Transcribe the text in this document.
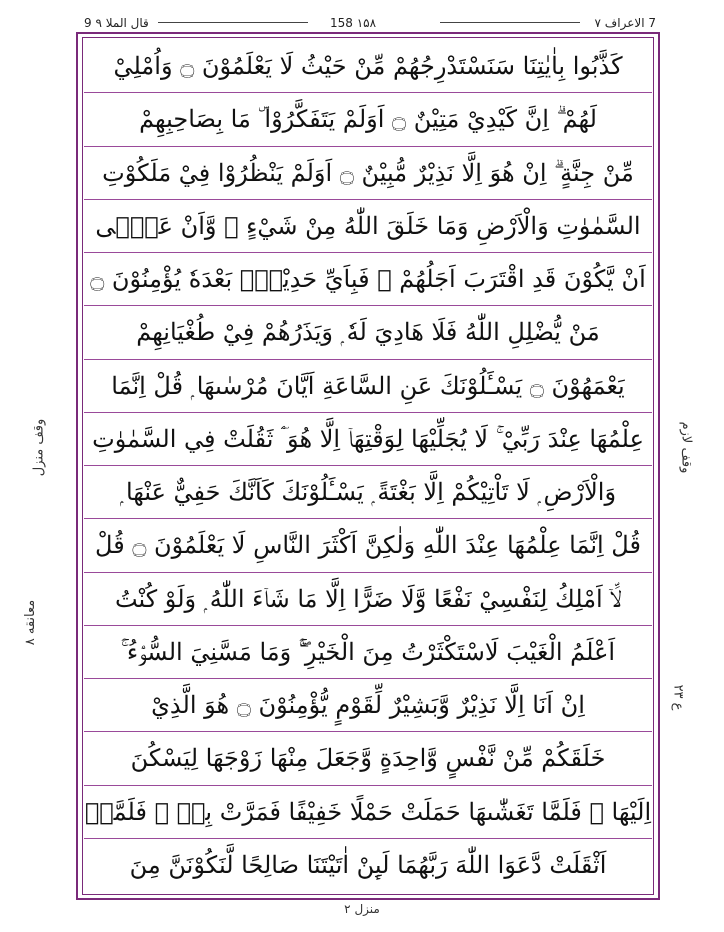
9 قال الملا ۹	158 ۱۵۸	7 الاعراف ۷
كَذَّبُوا بِاٰيٰتِنَا سَنَسْتَدْرِجُهُمْ مِّنْ حَيْثُ لَا يَعْلَمُوْنَ ۝ وَاُمْلِيْ
لَهُمْ ۗ اِنَّ كَيْدِيْ مَتِيْنٌ ۝ اَوَلَمْ يَتَفَكَّرُوْا ۜ مَا بِصَاحِبِهِمْ
مِّنْ جِنَّةٍ ۗ اِنْ هُوَ اِلَّا نَذِيْرٌ مُّبِيْنٌ ۝ اَوَلَمْ يَنْظُرُوْا فِيْ مَلَكُوْتِ
السَّمٰوٰتِ وَالْاَرْضِ وَمَا خَلَقَ اللّٰهُ مِنْ شَيْءٍ ۙ وَّاَنْ عَسٰۤى
اَنْ يَّكُوْنَ قَدِ اقْتَرَبَ اَجَلُهُمْ ۚ فَبِاَيِّ حَدِيْثٍۭ بَعْدَهٗ يُؤْمِنُوْنَ ۝
مَنْ يُّضْلِلِ اللّٰهُ فَلَا هَادِيَ لَهٗ ۭ وَيَذَرُهُمْ فِيْ طُغْيَانِهِمْ
يَعْمَهُوْنَ ۝ يَسْـَٔلُوْنَكَ عَنِ السَّاعَةِ اَيَّانَ مُرْسٰىهَا ۭ قُلْ اِنَّمَا
عِلْمُهَا عِنْدَ رَبِّيْ ۚ لَا يُجَلِّيْهَا لِوَقْتِهَاۤ اِلَّا هُوَ ۘؔ ثَقُلَتْ فِي السَّمٰوٰتِ
وَالْاَرْضِ ۭ لَا تَاْتِيْكُمْ اِلَّا بَغْتَةً ۭ يَسْـَٔلُوْنَكَ كَاَنَّكَ حَفِيٌّ عَنْهَا ۭ
قُلْ اِنَّمَا عِلْمُهَا عِنْدَ اللّٰهِ وَلٰكِنَّ اَكْثَرَ النَّاسِ لَا يَعْلَمُوْنَ ۝ قُلْ
لَّاۤ اَمْلِكُ لِنَفْسِيْ نَفْعًا وَّلَا ضَرًّا اِلَّا مَا شَاۤءَ اللّٰهُ ۭ وَلَوْ كُنْتُ
اَعْلَمُ الْغَيْبَ لَاسْتَكْثَرْتُ مِنَ الْخَيْرِ ۚۖۛ وَمَا مَسَّنِيَ السُّوْۤءُ ۚۛ
اِنْ اَنَا اِلَّا نَذِيْرٌ وَّبَشِيْرٌ لِّقَوْمٍ يُّؤْمِنُوْنَ ۝ هُوَ الَّذِيْ
خَلَقَكُمْ مِّنْ نَّفْسٍ وَّاحِدَةٍ وَّجَعَلَ مِنْهَا زَوْجَهَا لِيَسْكُنَ
اِلَيْهَا ۚ فَلَمَّا تَغَشّٰىهَا حَمَلَتْ حَمْلًا خَفِيْفًا فَمَرَّتْ بِهٖ ۚ فَلَمَّاۤ
اَثْقَلَتْ دَّعَوَا اللّٰهَ رَبَّهُمَا لَىِٕنْ اٰتَيْتَنَا صَالِحًا لَّنَكُوْنَنَّ مِنَ
وقف منزل
معانقه ۸
وقف لازم
ع ۲۳
منزل ۲
